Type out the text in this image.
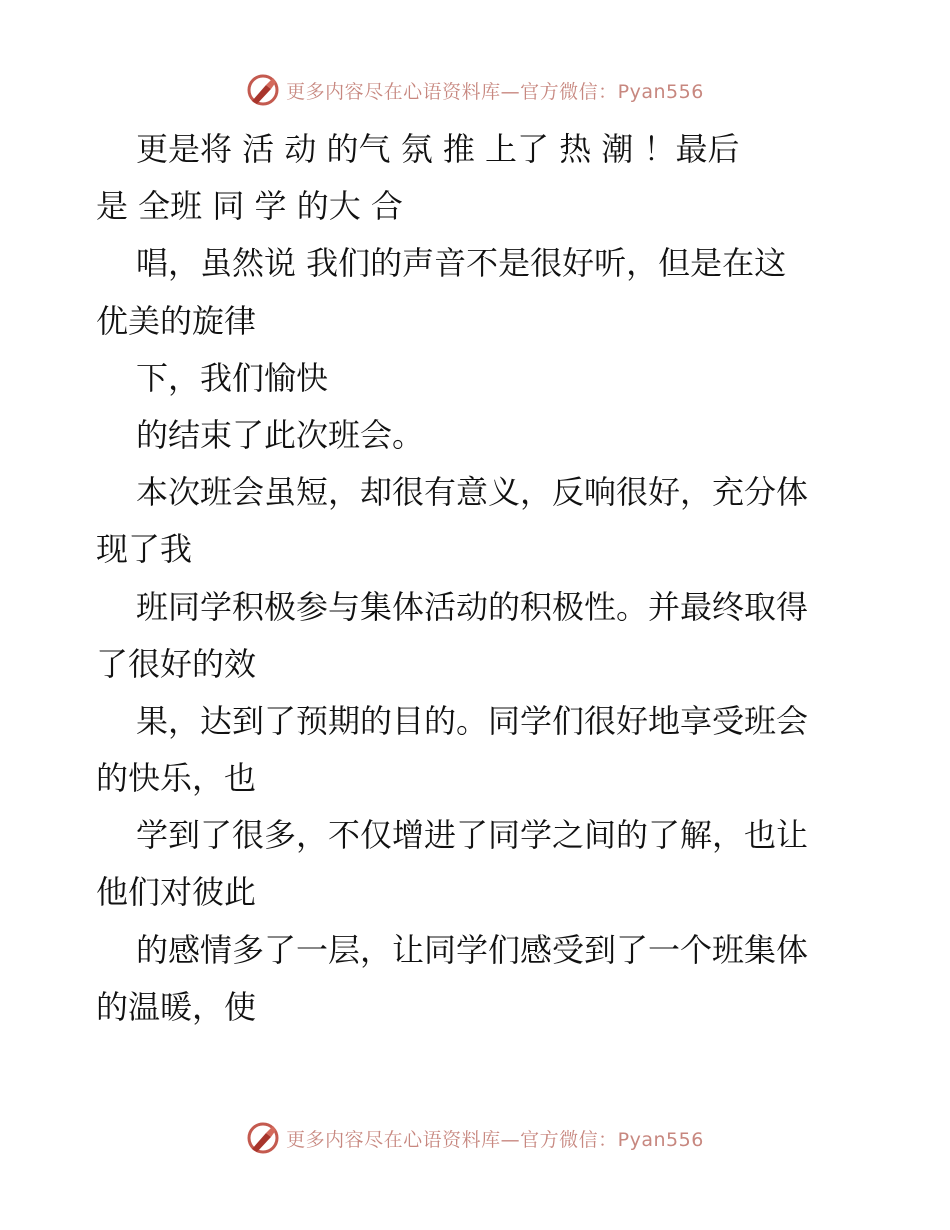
更多内容尽在心语资料库—官方微信：Pyan556
更是将 活 动 的气 氛 推 上了 热 潮 ！最后
是 全班 同 学 的大 合
唱，虽然说 我们的声音不是很好听，但是在这
优美的旋律
下，我们愉快
的结束了此次班会。
本次班会虽短，却很有意义，反响很好，充分体
现了我
班同学积极参与集体活动的积极性。并最终取得
了很好的效
果，达到了预期的目的。同学们很好地享受班会
的快乐，也
学到了很多，不仅增进了同学之间的了解，也让
他们对彼此
的感情多了一层，让同学们感受到了一个班集体
的温暖，使
更多内容尽在心语资料库—官方微信：Pyan556
